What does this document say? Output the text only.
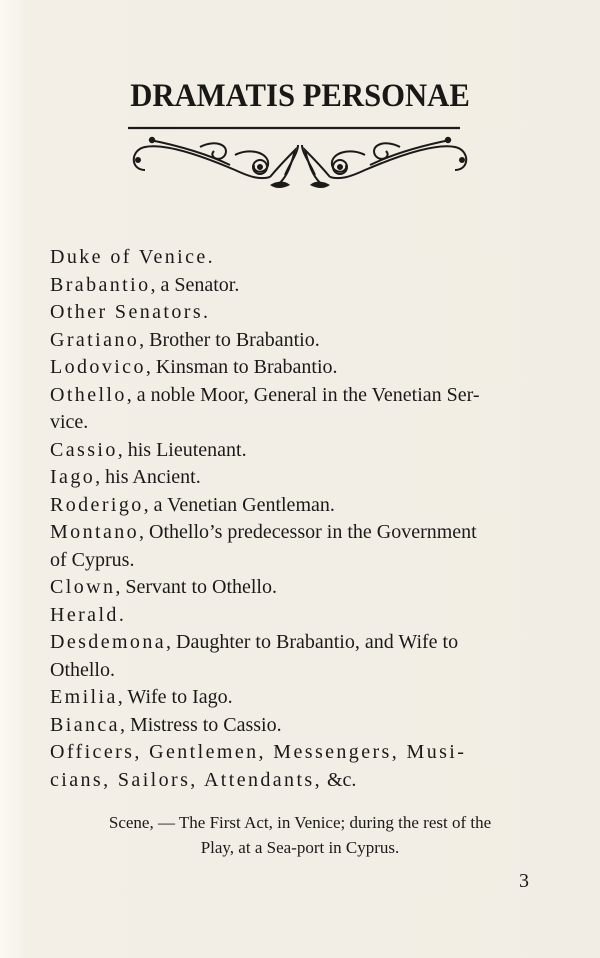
DRAMATIS PERSONAE
Duke of Venice.
Brabantio, a Senator.
Other Senators.
Gratiano, Brother to Brabantio.
Lodovico, Kinsman to Brabantio.
Othello, a noble Moor, General in the Venetian Ser-
vice.
Cassio, his Lieutenant.
Iago, his Ancient.
Roderigo, a Venetian Gentleman.
Montano, Othello’s predecessor in the Government
of Cyprus.
Clown, Servant to Othello.
Herald.
Desdemona, Daughter to Brabantio, and Wife to
Othello.
Emilia, Wife to Iago.
Bianca, Mistress to Cassio.
Officers, Gentlemen, Messengers, Musi-
cians, Sailors, Attendants, &c.
Scene, — The First Act, in Venice; during the rest of the
Play, at a Sea-port in Cyprus.
3
